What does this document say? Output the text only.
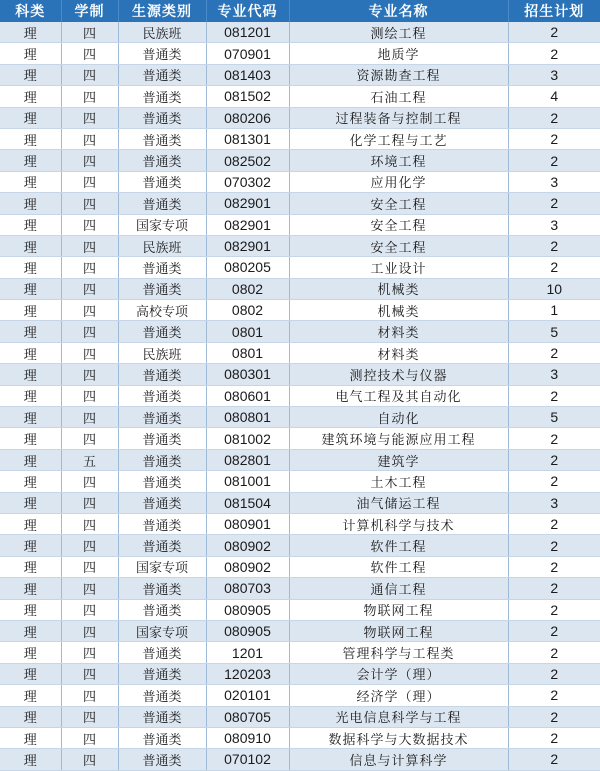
科类	学制	生源类别	专业代码	专业名称	招生计划
理	四	民族班	081201	测绘工程	2
理	四	普通类	070901	地质学	2
理	四	普通类	081403	资源勘查工程	3
理	四	普通类	081502	石油工程	4
理	四	普通类	080206	过程装备与控制工程	2
理	四	普通类	081301	化学工程与工艺	2
理	四	普通类	082502	环境工程	2
理	四	普通类	070302	应用化学	3
理	四	普通类	082901	安全工程	2
理	四	国家专项	082901	安全工程	3
理	四	民族班	082901	安全工程	2
理	四	普通类	080205	工业设计	2
理	四	普通类	0802	机械类	10
理	四	高校专项	0802	机械类	1
理	四	普通类	0801	材料类	5
理	四	民族班	0801	材料类	2
理	四	普通类	080301	测控技术与仪器	3
理	四	普通类	080601	电气工程及其自动化	2
理	四	普通类	080801	自动化	5
理	四	普通类	081002	建筑环境与能源应用工程	2
理	五	普通类	082801	建筑学	2
理	四	普通类	081001	土木工程	2
理	四	普通类	081504	油气储运工程	3
理	四	普通类	080901	计算机科学与技术	2
理	四	普通类	080902	软件工程	2
理	四	国家专项	080902	软件工程	2
理	四	普通类	080703	通信工程	2
理	四	普通类	080905	物联网工程	2
理	四	国家专项	080905	物联网工程	2
理	四	普通类	1201	管理科学与工程类	2
理	四	普通类	120203	会计学（理）	2
理	四	普通类	020101	经济学（理）	2
理	四	普通类	080705	光电信息科学与工程	2
理	四	普通类	080910	数据科学与大数据技术	2
理	四	普通类	070102	信息与计算科学	2
